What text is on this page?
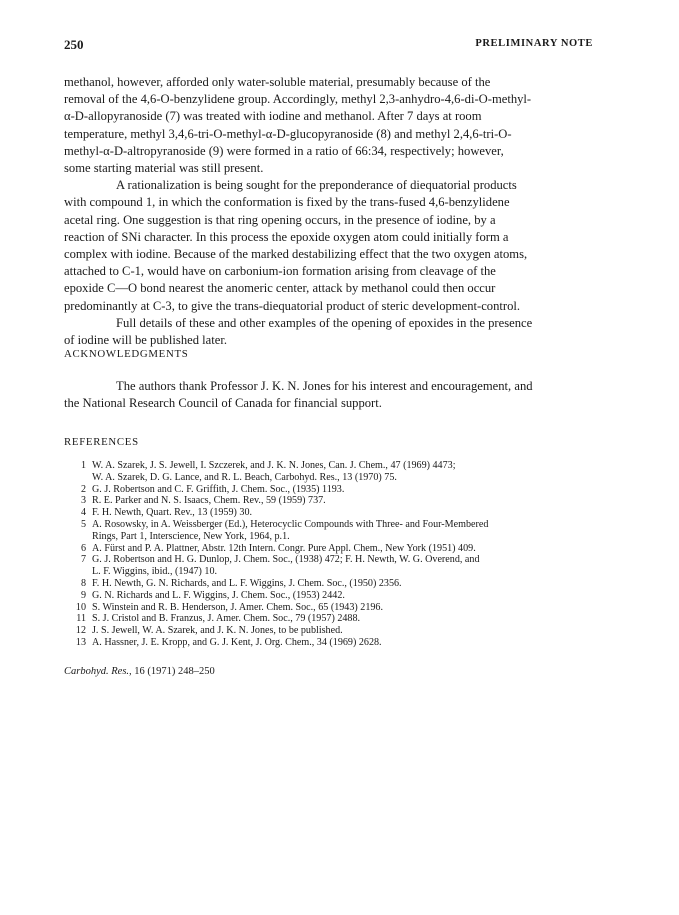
250	PRELIMINARY NOTE
methanol, however, afforded only water-soluble material, presumably because of the
removal of the 4,6-O-benzylidene group. Accordingly, methyl 2,3-anhydro-4,6-di-O-methyl-
α-D-allopyranoside (7) was treated with iodine and methanol. After 7 days at room
temperature, methyl 3,4,6-tri-O-methyl-α-D-glucopyranoside (8) and methyl 2,4,6-tri-O-
methyl-α-D-altropyranoside (9) were formed in a ratio of 66:34, respectively; however,
some starting material was still present.
A rationalization is being sought for the preponderance of diequatorial products
with compound 1, in which the conformation is fixed by the trans-fused 4,6-benzylidene
acetal ring. One suggestion is that ring opening occurs, in the presence of iodine, by a
reaction of SNi character. In this process the epoxide oxygen atom could initially form a
complex with iodine. Because of the marked destabilizing effect that the two oxygen atoms,
attached to C-1, would have on carbonium-ion formation arising from cleavage of the
epoxide C—O bond nearest the anomeric center, attack by methanol could then occur
predominantly at C-3, to give the trans-diequatorial product of steric development-control.
Full details of these and other examples of the opening of epoxides in the presence
of iodine will be published later.
ACKNOWLEDGMENTS
The authors thank Professor J. K. N. Jones for his interest and encouragement, and
the National Research Council of Canada for financial support.
REFERENCES
1 W. A. Szarek, J. S. Jewell, I. Szczerek, and J. K. N. Jones, Can. J. Chem., 47 (1969) 4473;
W. A. Szarek, D. G. Lance, and R. L. Beach, Carbohyd. Res., 13 (1970) 75.
2 G. J. Robertson and C. F. Griffith, J. Chem. Soc., (1935) 1193.
3 R. E. Parker and N. S. Isaacs, Chem. Rev., 59 (1959) 737.
4 F. H. Newth, Quart. Rev., 13 (1959) 30.
5 A. Rosowsky, in A. Weissberger (Ed.), Heterocyclic Compounds with Three- and Four-Membered
Rings, Part 1, Interscience, New York, 1964, p.1.
6 A. Fürst and P. A. Plattner, Abstr. 12th Intern. Congr. Pure Appl. Chem., New York (1951) 409.
7 G. J. Robertson and H. G. Dunlop, J. Chem. Soc., (1938) 472; F. H. Newth, W. G. Overend, and
L. F. Wiggins, ibid., (1947) 10.
8 F. H. Newth, G. N. Richards, and L. F. Wiggins, J. Chem. Soc., (1950) 2356.
9 G. N. Richards and L. F. Wiggins, J. Chem. Soc., (1953) 2442.
10 S. Winstein and R. B. Henderson, J. Amer. Chem. Soc., 65 (1943) 2196.
11 S. J. Cristol and B. Franzus, J. Amer. Chem. Soc., 79 (1957) 2488.
12 J. S. Jewell, W. A. Szarek, and J. K. N. Jones, to be published.
13 A. Hassner, J. E. Kropp, and G. J. Kent, J. Org. Chem., 34 (1969) 2628.
Carbohyd. Res., 16 (1971) 248–250
